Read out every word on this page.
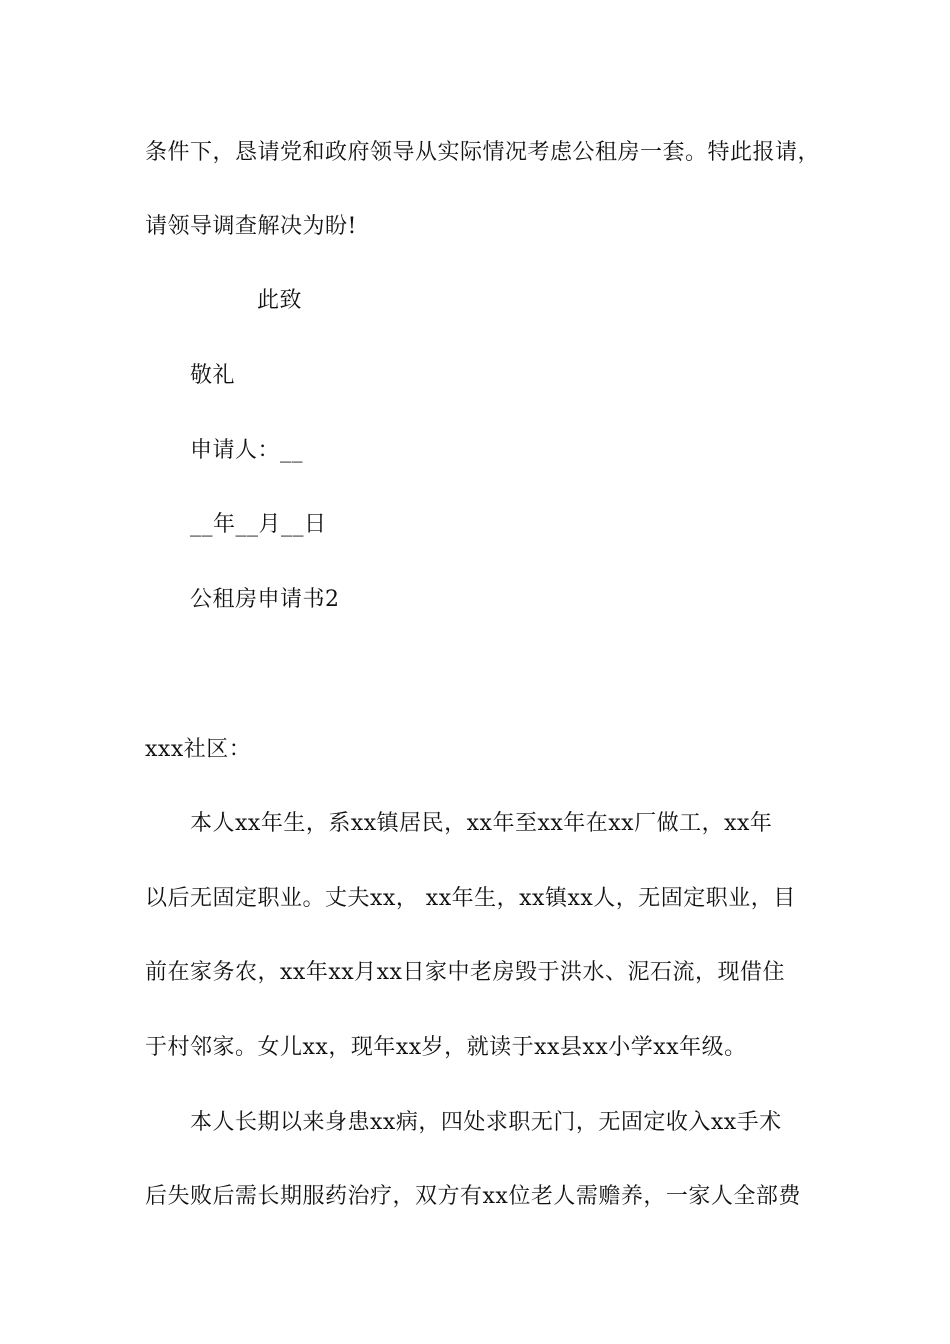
条件下，恳请党和政府领导从实际情况考虑公租房一套。特此报请，
请领导调查解决为盼!
此致
敬礼
申请人：__
__年__月__日
公租房申请书2
xxx社区：
本人xx年生，系xx镇居民，xx年至xx年在xx厂做工，xx年
以后无固定职业。丈夫xx， xx年生，xx镇xx人，无固定职业，目
前在家务农，xx年xx月xx日家中老房毁于洪水、泥石流，现借住
于村邻家。女儿xx，现年xx岁，就读于xx县xx小学xx年级。
本人长期以来身患xx病，四处求职无门，无固定收入xx手术
后失败后需长期服药治疗，双方有xx位老人需赡养，一家人全部费
